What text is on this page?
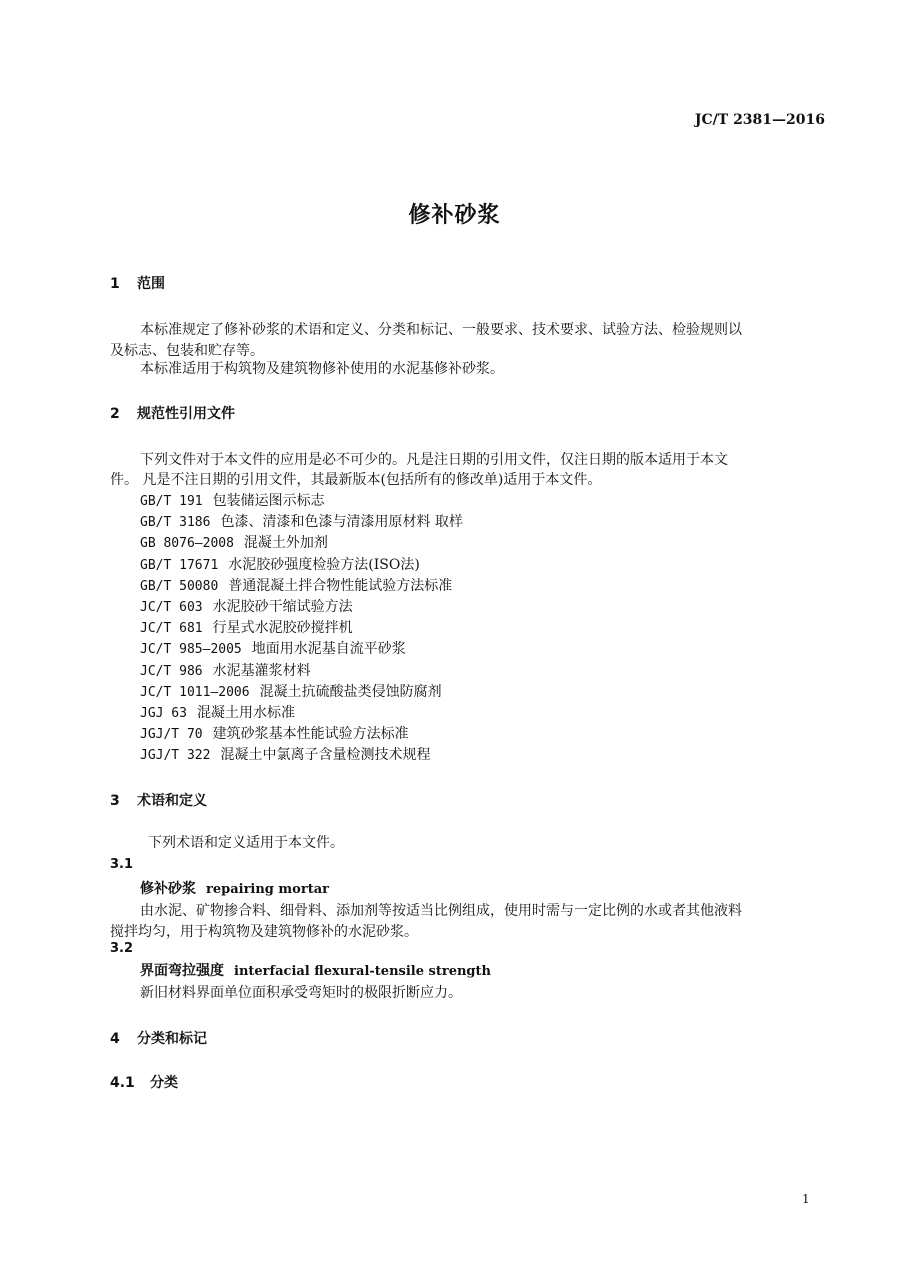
JC/T 2381—2016
修补砂浆
1 范围
本标准规定了修补砂浆的术语和定义、分类和标记、一般要求、技术要求、试验方法、检验规则以
及标志、包装和贮存等。
本标准适用于构筑物及建筑物修补使用的水泥基修补砂浆。
2 规范性引用文件
下列文件对于本文件的应用是必不可少的。凡是注日期的引用文件，仅注日期的版本适用于本文
件。 凡是不注日期的引用文件，其最新版本(包括所有的修改单)适用于本文件。
GB/T 191 包装储运图示标志
GB/T 3186 色漆、清漆和色漆与清漆用原材料 取样
GB 8076—2008 混凝土外加剂
GB/T 17671 水泥胶砂强度检验方法(ISO法)
GB/T 50080 普通混凝土拌合物性能试验方法标准
JC/T 603 水泥胶砂干缩试验方法
JC/T 681 行星式水泥胶砂搅拌机
JC/T 985—2005 地面用水泥基自流平砂浆
JC/T 986 水泥基灌浆材料
JC/T 1011—2006 混凝土抗硫酸盐类侵蚀防腐剂
JGJ 63 混凝土用水标准
JGJ/T 70 建筑砂浆基本性能试验方法标准
JGJ/T 322 混凝土中氯离子含量检测技术规程
3 术语和定义
下列术语和定义适用于本文件。
3.1
修补砂浆 repairing mortar
由水泥、矿物掺合料、细骨料、添加剂等按适当比例组成，使用时需与一定比例的水或者其他液料
搅拌均匀，用于构筑物及建筑物修补的水泥砂浆。
3.2
界面弯拉强度 interfacial flexural-tensile strength
新旧材料界面单位面积承受弯矩时的极限折断应力。
4 分类和标记
4.1 分类
1
